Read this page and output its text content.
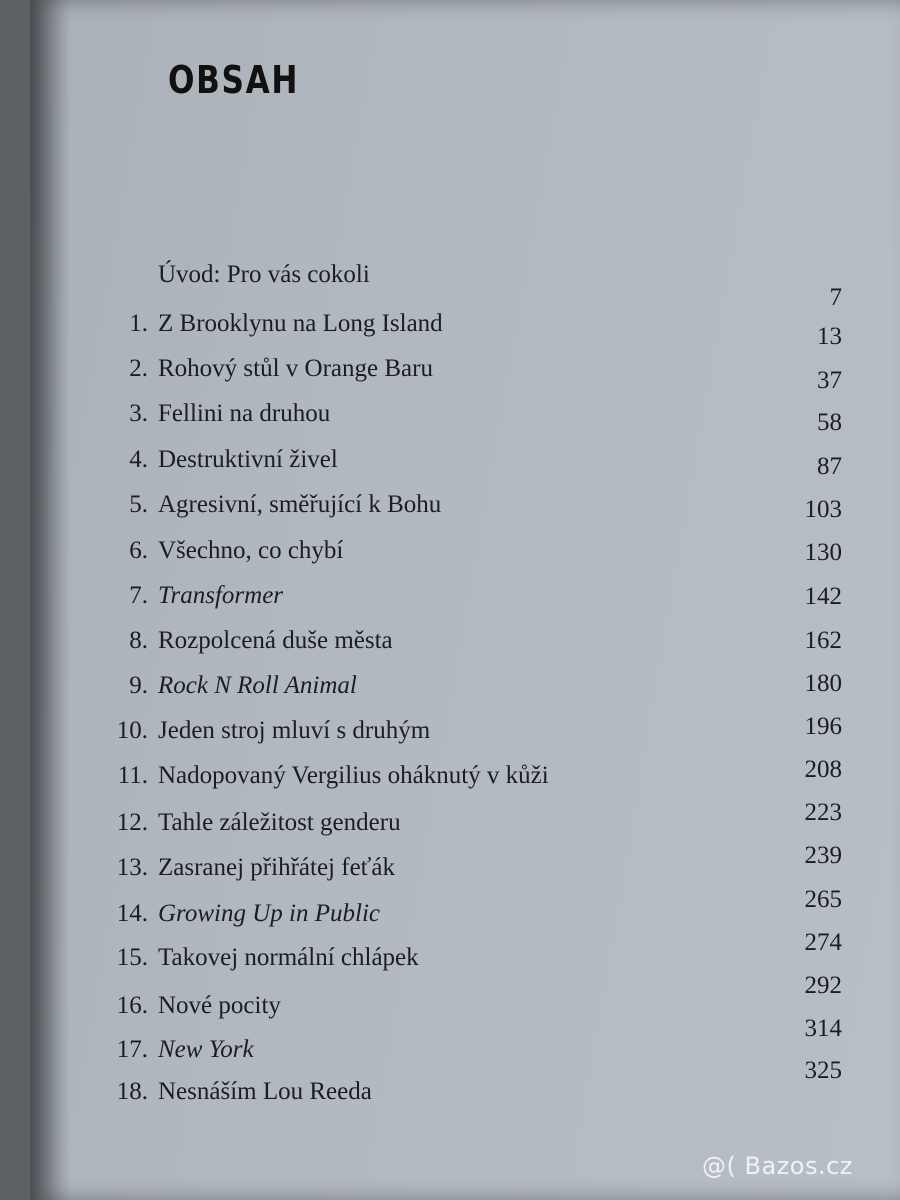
OBSAH
Úvod: Pro vás cokoli
1. Z Brooklynu na Long Island
2. Rohový stůl v Orange Baru
3. Fellini na druhou
4. Destruktivní živel
5. Agresivní, směřující k Bohu
6. Všechno, co chybí
7. Transformer
8. Rozpolcená duše města
9. Rock N Roll Animal
10. Jeden stroj mluví s druhým
11. Nadopovaný Vergilius oháknutý v kůži
12. Tahle záležitost genderu
13. Zasranej přihřátej feťák
14. Growing Up in Public
15. Takovej normální chlápek
16. Nové pocity
17. New York
18. Nesnáším Lou Reeda
7
13
37
58
87
103
130
142
162
180
196
208
223
239
265
274
292
314
325
@( Bazos.cz
